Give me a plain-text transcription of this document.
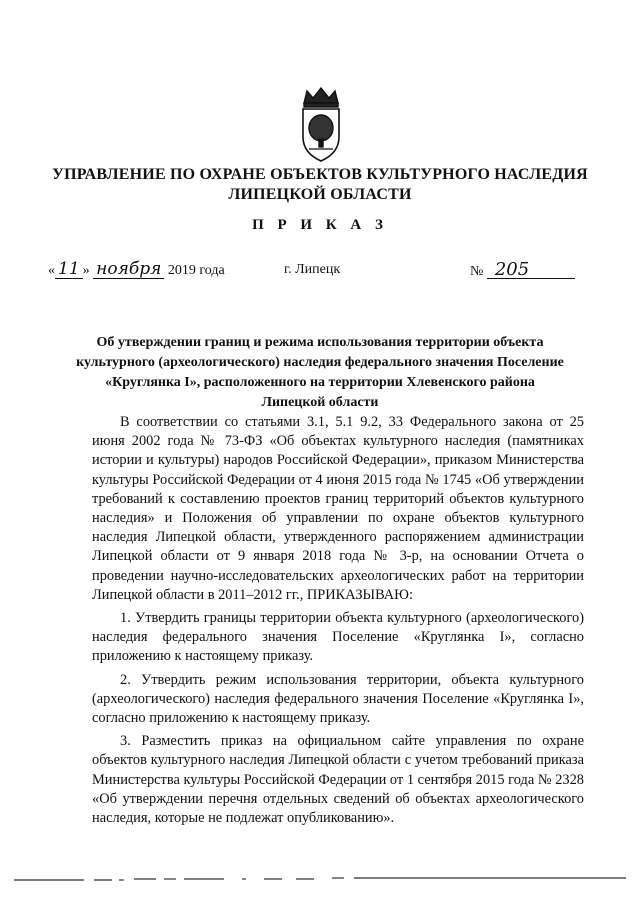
УПРАВЛЕНИЕ ПО ОХРАНЕ ОБЪЕКТОВ КУЛЬТУРНОГО НАСЛЕДИЯ
ЛИПЕЦКОЙ ОБЛАСТИ
П Р И К А З
« 11 » ноября 2019 года	г. Липецк	№ 205
Об утверждении границ и режима использования территории объекта
культурного (археологического) наследия федерального значения Поселение
«Круглянка I», расположенного на территории Хлевенского района
Липецкой области

В соответствии со статьями 3.1, 5.1 9.2, 33 Федерального закона от 25 июня 2002 года № 73-ФЗ «Об объектах культурного наследия (памятниках истории и культуры) народов Российской Федерации», приказом Министерства культуры Российской Федерации от 4 июня 2015 года № 1745 «Об утверждении требований к составлению проектов границ территорий объектов культурного наследия» и Положения об управлении по охране объектов культурного наследия Липецкой области, утвержденного распоряжением администрации Липецкой области от 9 января 2018 года № 3-р, на основании Отчета о проведении научно-исследовательских археологических работ на территории Липецкой области в 2011–2012 гг., ПРИКАЗЫВАЮ:

1. Утвердить границы территории объекта культурного (археологического) наследия федерального значения Поселение «Круглянка I», согласно приложению к настоящему приказу.

2. Утвердить режим использования территории, объекта культурного (археологического) наследия федерального значения Поселение «Круглянка I», согласно приложению к настоящему приказу.

3. Разместить приказ на официальном сайте управления по охране объектов культурного наследия Липецкой области с учетом требований приказа Министерства культуры Российской Федерации от 1 сентября 2015 года № 2328 «Об утверждении перечня отдельных сведений об объектах археологического наследия, которые не подлежат опубликованию».
